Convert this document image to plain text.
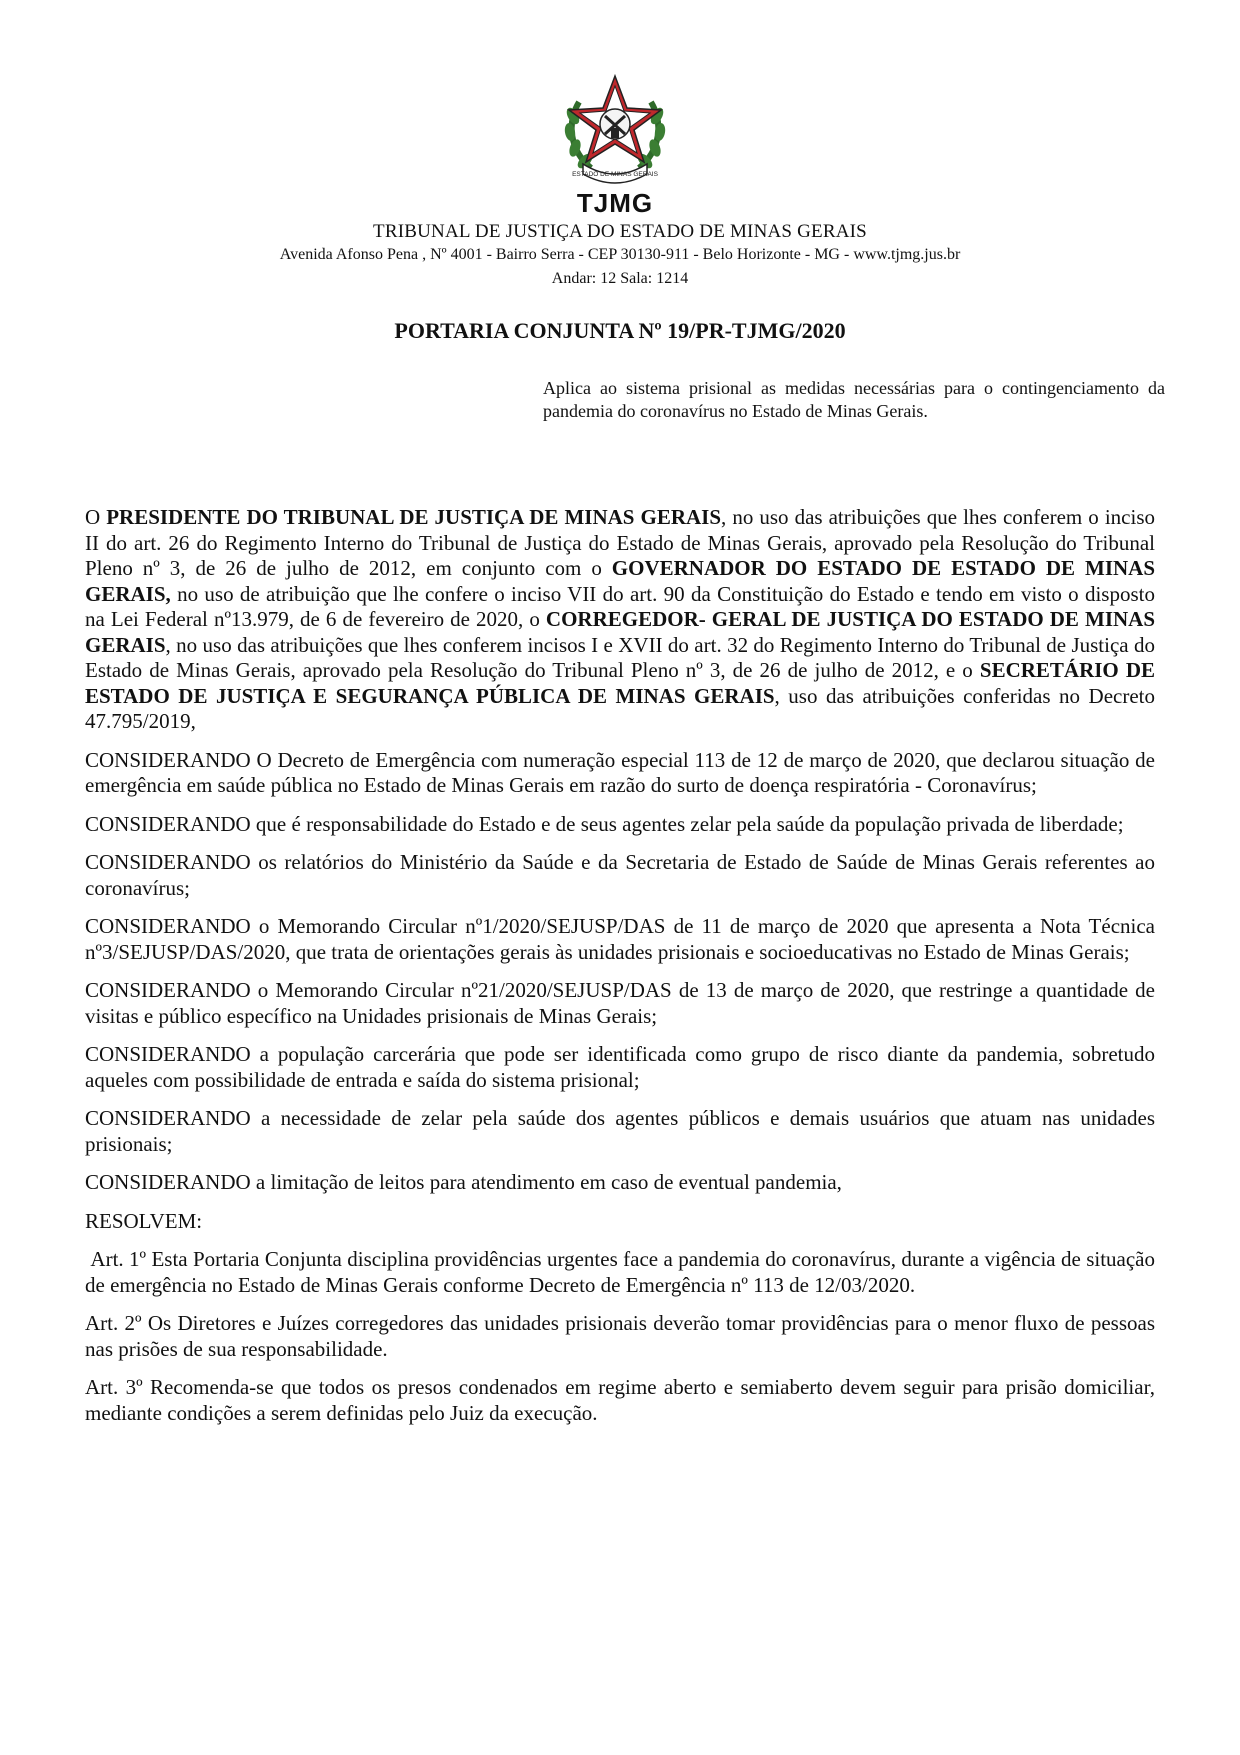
ESTADO DE MINAS GERAIS
TJMG
TRIBUNAL DE JUSTIÇA DO ESTADO DE MINAS GERAIS
Avenida Afonso Pena , Nº 4001 - Bairro Serra - CEP 30130-911 - Belo Horizonte - MG - www.tjmg.jus.br
Andar: 12 Sala: 1214
PORTARIA CONJUNTA Nº 19/PR-TJMG/2020
Aplica ao sistema prisional as medidas necessárias para o contingenciamento da pandemia do coronavírus no Estado de Minas Gerais.

O PRESIDENTE DO TRIBUNAL DE JUSTIÇA DE MINAS GERAIS, no uso das atribuições que lhes conferem o inciso II do art. 26 do Regimento Interno do Tribunal de Justiça do Estado de Minas Gerais, aprovado pela Resolução do Tribunal Pleno nº 3, de 26 de julho de 2012, em conjunto com o GOVERNADOR DO ESTADO DE ESTADO DE MINAS GERAIS, no uso de atribuição que lhe confere o inciso VII do art. 90 da Constituição do Estado e tendo em visto o disposto na Lei Federal nº13.979, de 6 de fevereiro de 2020, o CORREGEDOR- GERAL DE JUSTIÇA DO ESTADO DE MINAS GERAIS, no uso das atribuições que lhes conferem incisos I e XVII do art. 32 do Regimento Interno do Tribunal de Justiça do Estado de Minas Gerais, aprovado pela Resolução do Tribunal Pleno nº 3, de 26 de julho de 2012, e o SECRETÁRIO DE ESTADO DE JUSTIÇA E SEGURANÇA PÚBLICA DE MINAS GERAIS, uso das atribuições conferidas no Decreto 47.795/2019,

CONSIDERANDO O Decreto de Emergência com numeração especial 113 de 12 de março de 2020, que declarou situação de emergência em saúde pública no Estado de Minas Gerais em razão do surto de doença respiratória - Coronavírus;

CONSIDERANDO que é responsabilidade do Estado e de seus agentes zelar pela saúde da população privada de liberdade;

CONSIDERANDO os relatórios do Ministério da Saúde e da Secretaria de Estado de Saúde de Minas Gerais referentes ao coronavírus;

CONSIDERANDO o Memorando Circular nº1/2020/SEJUSP/DAS de 11 de março de 2020 que apresenta a Nota Técnica nº3/SEJUSP/DAS/2020, que trata de orientações gerais às unidades prisionais e socioeducativas no Estado de Minas Gerais;

CONSIDERANDO o Memorando Circular nº21/2020/SEJUSP/DAS de 13 de março de 2020, que restringe a quantidade de visitas e público específico na Unidades prisionais de Minas Gerais;

CONSIDERANDO a população carcerária que pode ser identificada como grupo de risco diante da pandemia, sobretudo aqueles com possibilidade de entrada e saída do sistema prisional;

CONSIDERANDO a necessidade de zelar pela saúde dos agentes públicos e demais usuários que atuam nas unidades prisionais;

CONSIDERANDO a limitação de leitos para atendimento em caso de eventual pandemia,

RESOLVEM:

Art. 1º Esta Portaria Conjunta disciplina providências urgentes face a pandemia do coronavírus, durante a vigência de situação de emergência no Estado de Minas Gerais conforme Decreto de Emergência nº 113 de 12/03/2020.

Art. 2º Os Diretores e Juízes corregedores das unidades prisionais deverão tomar providências para o menor fluxo de pessoas nas prisões de sua responsabilidade.

Art. 3º Recomenda-se que todos os presos condenados em regime aberto e semiaberto devem seguir para prisão domiciliar, mediante condições a serem definidas pelo Juiz da execução.
